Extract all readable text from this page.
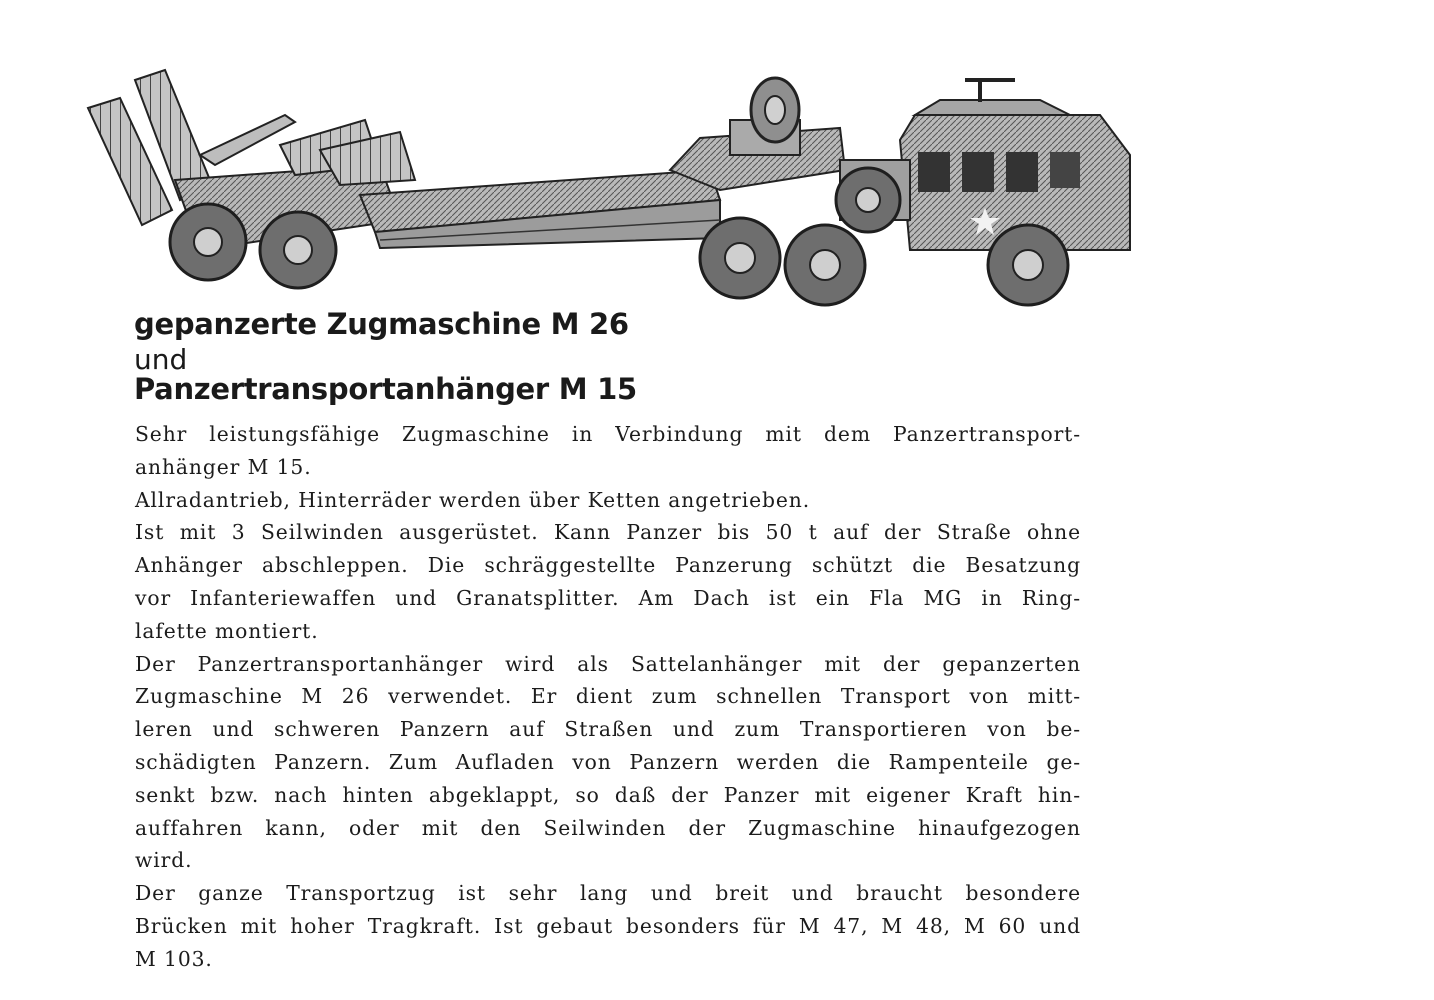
gepanzerte Zugmaschine M 26
und
Panzertransportanhänger M 15
Sehr leistungsfähige Zugmaschine in Verbindung mit dem Panzertransport-
anhänger M 15.
Allradantrieb, Hinterräder werden über Ketten angetrieben.
Ist mit 3 Seilwinden ausgerüstet. Kann Panzer bis 50 t auf der Straße ohne
Anhänger abschleppen. Die schräggestellte Panzerung schützt die Besatzung
vor Infanteriewaffen und Granatsplitter. Am Dach ist ein Fla MG in Ring-
lafette montiert.
Der Panzertransportanhänger wird als Sattelanhänger mit der gepanzerten
Zugmaschine M 26 verwendet. Er dient zum schnellen Transport von mitt-
leren und schweren Panzern auf Straßen und zum Transportieren von be-
schädigten Panzern. Zum Aufladen von Panzern werden die Rampenteile ge-
senkt bzw. nach hinten abgeklappt, so daß der Panzer mit eigener Kraft hin-
auffahren kann, oder mit den Seilwinden der Zugmaschine hinaufgezogen
wird.
Der ganze Transportzug ist sehr lang und breit und braucht besondere
Brücken mit hoher Tragkraft. Ist gebaut besonders für M 47, M 48, M 60 und
M 103.
